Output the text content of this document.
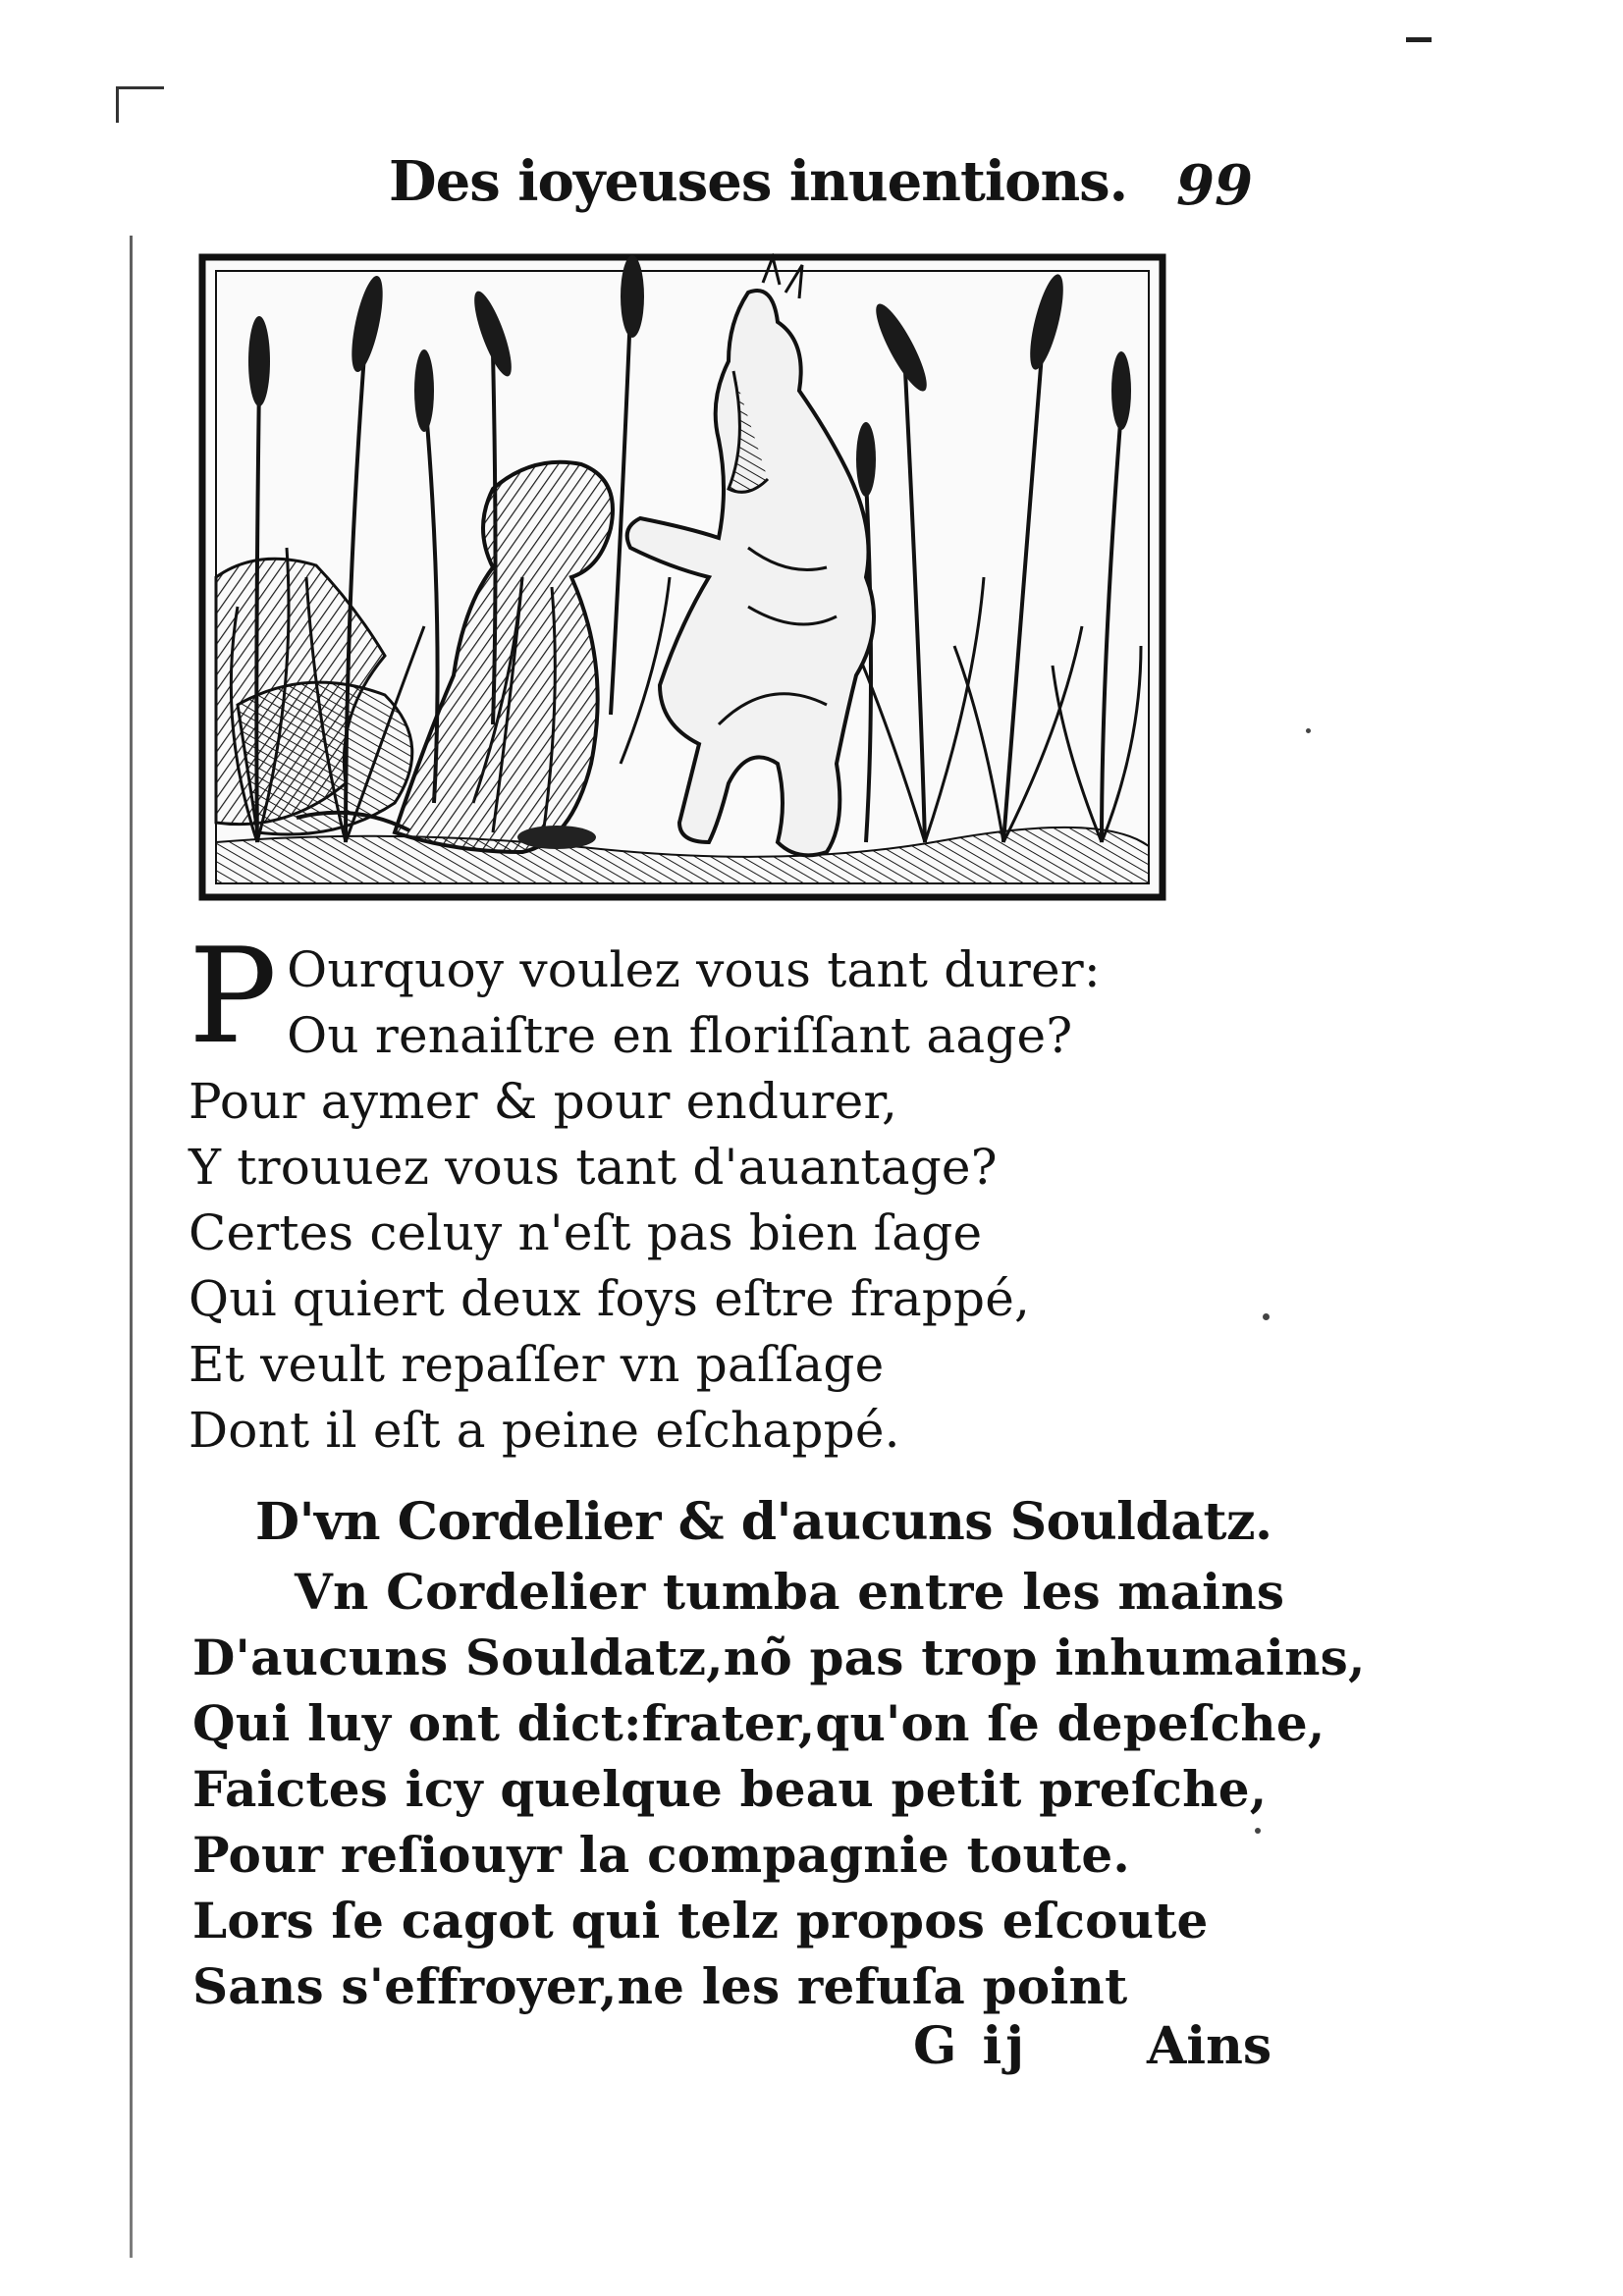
Des ioyeuses inuentions. 99
P Ourquoy voulez vous tant durer:
Ou renaiſtre en floriſſant aage?
Pour aymer & pour endurer,
Y trouuez vous tant d'auantage?
Certes celuy n'eſt pas bien ſage
Qui quiert deux foys eſtre frappé,
Et veult repaſſer vn paſſage
Dont il eſt a peine eſchappé.
D'vn Cordelier & d'aucuns Souldatz.
Vn Cordelier tumba entre les mains
D'aucuns Souldatz,nõ pas trop inhumains,
Qui luy ont dict:frater,qu'on ſe depeſche,
Faictes icy quelque beau petit preſche,
Pour reſiouyr la compagnie toute.
Lors ſe cagot qui telz propos eſcoute
Sans s'effroyer,ne les refuſa point
G ij Ains
